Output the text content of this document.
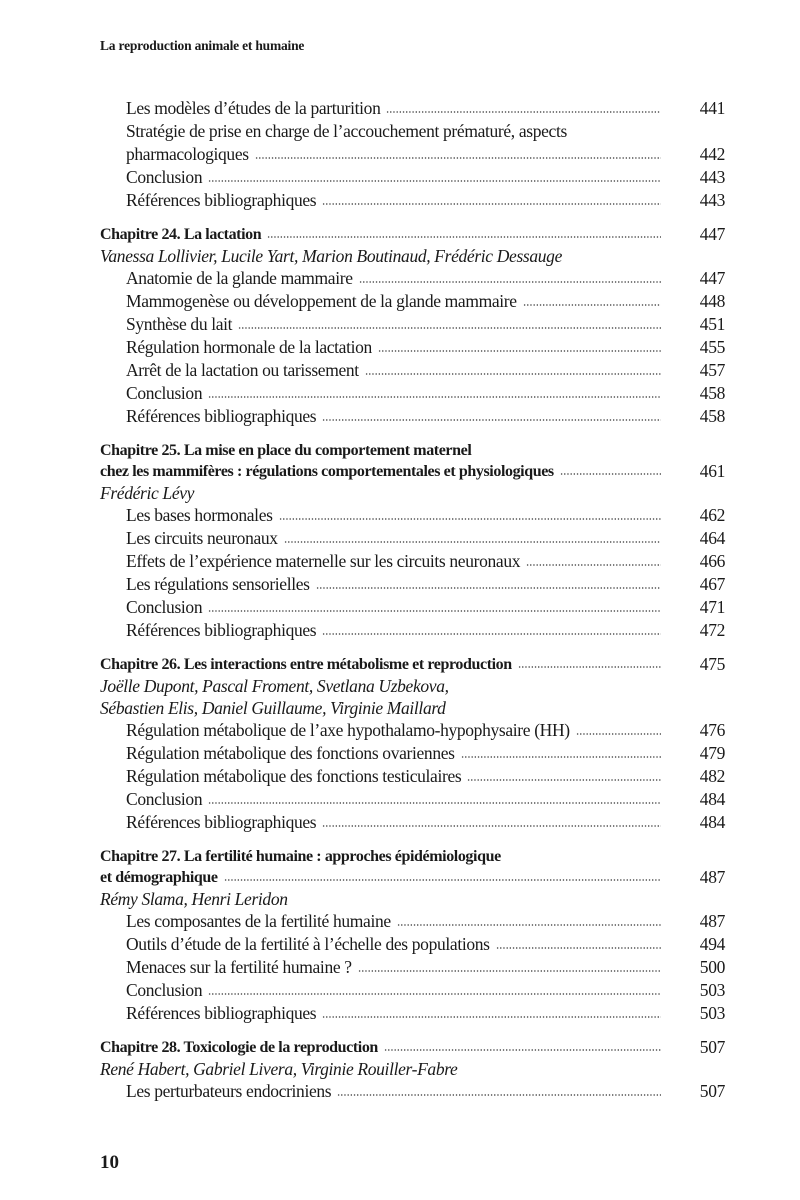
La reproduction animale et humaine
Les modèles d’études de la parturition	441
Stratégie de prise en charge de l’accouchement prématuré, aspects
pharmacologiques	442
Conclusion	443
Références bibliographiques	443
Chapitre 24. La lactation	447
Vanessa Lollivier, Lucile Yart, Marion Boutinaud, Frédéric Dessauge
Anatomie de la glande mammaire	447
Mammogenèse ou développement de la glande mammaire	448
Synthèse du lait	451
Régulation hormonale de la lactation	455
Arrêt de la lactation ou tarissement	457
Conclusion	458
Références bibliographiques	458
Chapitre 25. La mise en place du comportement maternel
chez les mammifères : régulations comportementales et physiologiques	461
Frédéric Lévy
Les bases hormonales	462
Les circuits neuronaux	464
Effets de l’expérience maternelle sur les circuits neuronaux	466
Les régulations sensorielles	467
Conclusion	471
Références bibliographiques	472
Chapitre 26. Les interactions entre métabolisme et reproduction	475
Joëlle Dupont, Pascal Froment, Svetlana Uzbekova,
Sébastien Elis, Daniel Guillaume, Virginie Maillard
Régulation métabolique de l’axe hypothalamo-hypophysaire (HH)	476
Régulation métabolique des fonctions ovariennes	479
Régulation métabolique des fonctions testiculaires	482
Conclusion	484
Références bibliographiques	484
Chapitre 27. La fertilité humaine : approches épidémiologique
et démographique	487
Rémy Slama, Henri Leridon
Les composantes de la fertilité humaine	487
Outils d’étude de la fertilité à l’échelle des populations	494
Menaces sur la fertilité humaine ?	500
Conclusion	503
Références bibliographiques	503
Chapitre 28. Toxicologie de la reproduction	507
René Habert, Gabriel Livera, Virginie Rouiller-Fabre
Les perturbateurs endocriniens	507
10
